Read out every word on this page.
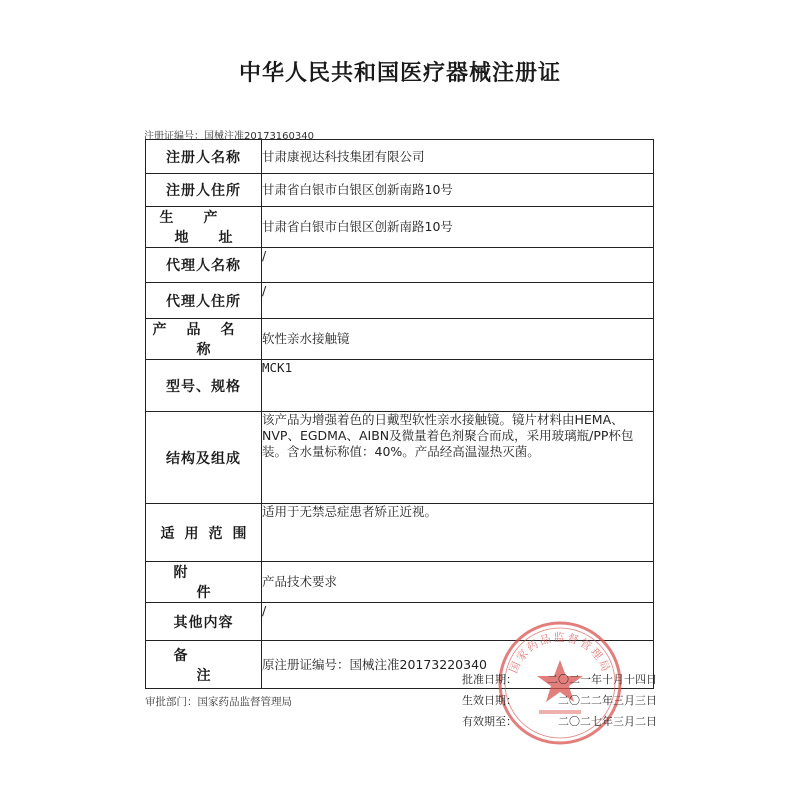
中华人民共和国医疗器械注册证
注册证编号：国械注准20173160340
注册人名称	甘肃康视达科技集团有限公司
注册人住所	甘肃省白银市白银区创新南路10号
生产地址	甘肃省白银市白银区创新南路10号
代理人名称	/
代理人住所	/
产品名称	软性亲水接触镜
型号、规格	MCK1
结构及组成	该产品为增强着色的日戴型软性亲水接触镜。镜片材料由HEMA、NVP、EGDMA、AIBN及微量着色剂聚合而成，采用玻璃瓶/PP杯包装。含水量标称值：40%。产品经高温湿热灭菌。
适用范围	适用于无禁忌症患者矫正近视。
附件	产品技术要求
其他内容	/
备注	原注册证编号：国械注准20173220340 国家药品监督管理局
审批部门：国家药品监督管理局
批准日期：	二〇二一年十月十四日
生效日期：	二〇二二年三月三日
有效期至：	二〇二七年三月二日
